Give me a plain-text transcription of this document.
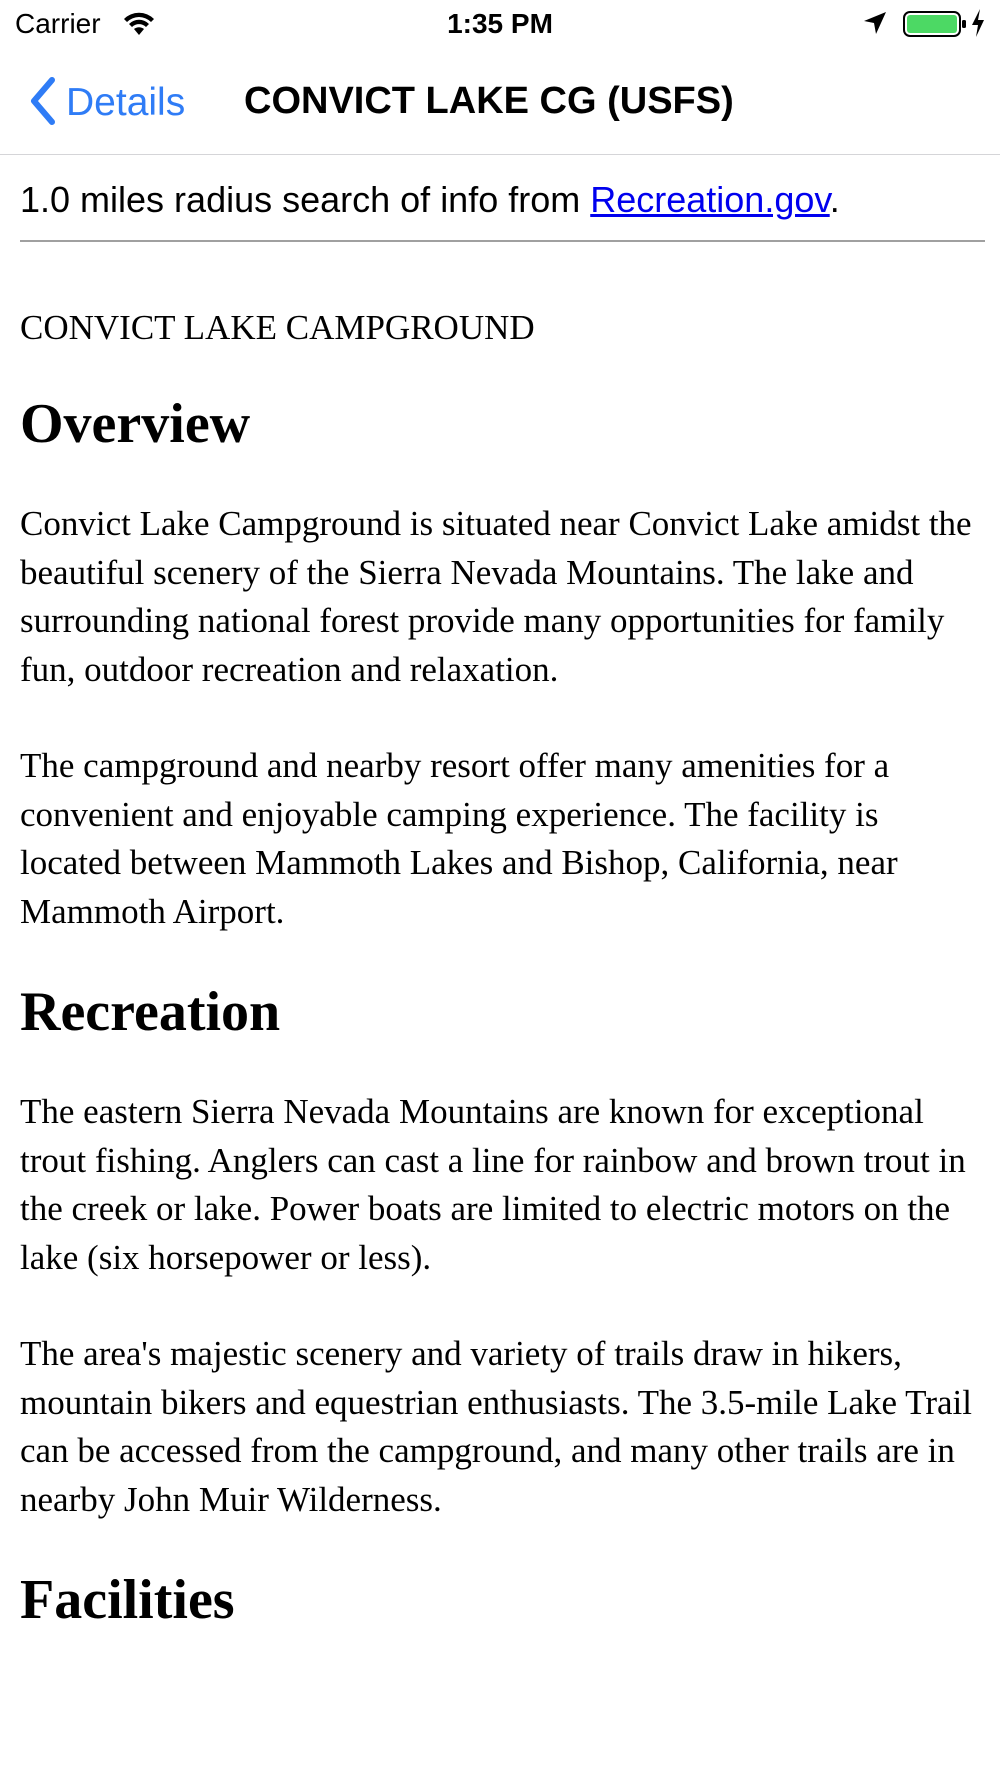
Carrier	1:35 PM
Details CONVICT LAKE CG (USFS)
1.0 miles radius search of info from Recreation.gov.
CONVICT LAKE CAMPGROUND
Overview

Convict Lake Campground is situated near Convict Lake amidst the beautiful scenery of the Sierra Nevada Mountains. The lake and surrounding national forest provide many opportunities for family fun, outdoor recreation and relaxation.

The campground and nearby resort offer many amenities for a convenient and enjoyable camping experience. The facility is located between Mammoth Lakes and Bishop, California, near Mammoth Airport.

Recreation

The eastern Sierra Nevada Mountains are known for exceptional trout fishing. Anglers can cast a line for rainbow and brown trout in the creek or lake. Power boats are limited to electric motors on the lake (six horsepower or less).

The area's majestic scenery and variety of trails draw in hikers, mountain bikers and equestrian enthusiasts. The 3.5-mile Lake Trail can be accessed from the campground, and many other trails are in nearby John Muir Wilderness.

Facilities
